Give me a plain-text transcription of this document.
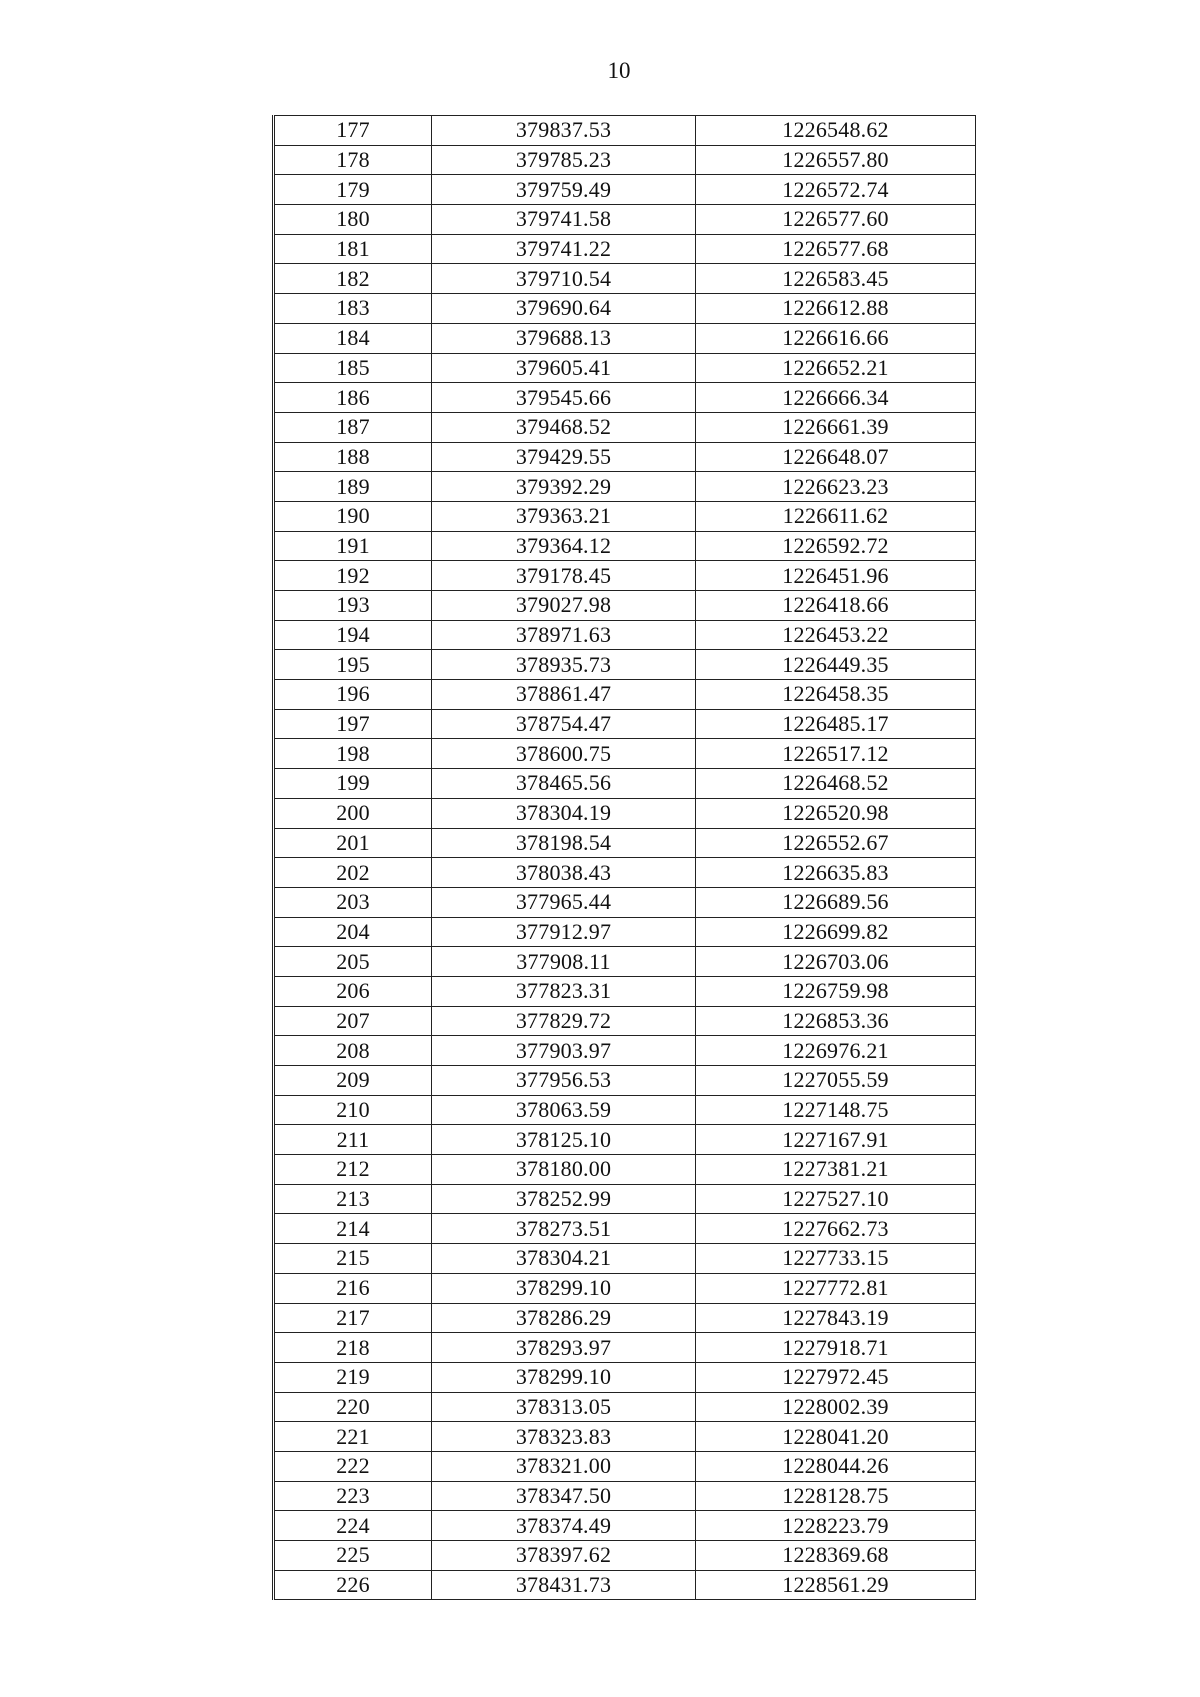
10
177	379837.53	1226548.62
178	379785.23	1226557.80
179	379759.49	1226572.74
180	379741.58	1226577.60
181	379741.22	1226577.68
182	379710.54	1226583.45
183	379690.64	1226612.88
184	379688.13	1226616.66
185	379605.41	1226652.21
186	379545.66	1226666.34
187	379468.52	1226661.39
188	379429.55	1226648.07
189	379392.29	1226623.23
190	379363.21	1226611.62
191	379364.12	1226592.72
192	379178.45	1226451.96
193	379027.98	1226418.66
194	378971.63	1226453.22
195	378935.73	1226449.35
196	378861.47	1226458.35
197	378754.47	1226485.17
198	378600.75	1226517.12
199	378465.56	1226468.52
200	378304.19	1226520.98
201	378198.54	1226552.67
202	378038.43	1226635.83
203	377965.44	1226689.56
204	377912.97	1226699.82
205	377908.11	1226703.06
206	377823.31	1226759.98
207	377829.72	1226853.36
208	377903.97	1226976.21
209	377956.53	1227055.59
210	378063.59	1227148.75
211	378125.10	1227167.91
212	378180.00	1227381.21
213	378252.99	1227527.10
214	378273.51	1227662.73
215	378304.21	1227733.15
216	378299.10	1227772.81
217	378286.29	1227843.19
218	378293.97	1227918.71
219	378299.10	1227972.45
220	378313.05	1228002.39
221	378323.83	1228041.20
222	378321.00	1228044.26
223	378347.50	1228128.75
224	378374.49	1228223.79
225	378397.62	1228369.68
226	378431.73	1228561.29
